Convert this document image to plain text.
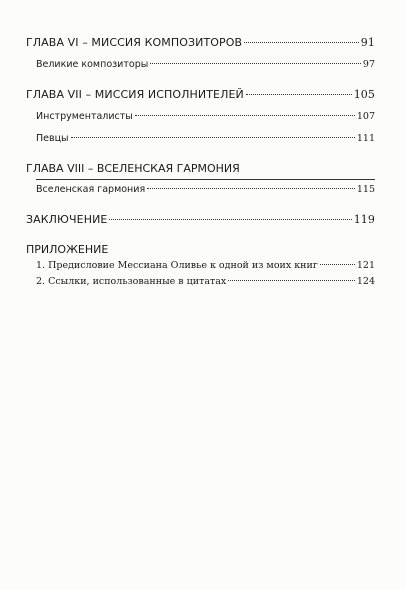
ГЛАВА VI – МИССИЯ КОМПОЗИТОРОВ	91
Великие композиторы	97
ГЛАВА VII – МИССИЯ ИСПОЛНИТЕЛЕЙ	105
Инструменталисты	107
Певцы	111
ГЛАВА VIII – ВСЕЛЕНСКАЯ ГАРМОНИЯ
Вселенская гармония	115
ЗАКЛЮЧЕНИЕ	119
ПРИЛОЖЕНИЕ
1. Предисловие Мессиана Оливье к одной из моих книг	121
2. Ссылки, использованные в цитатах	124
